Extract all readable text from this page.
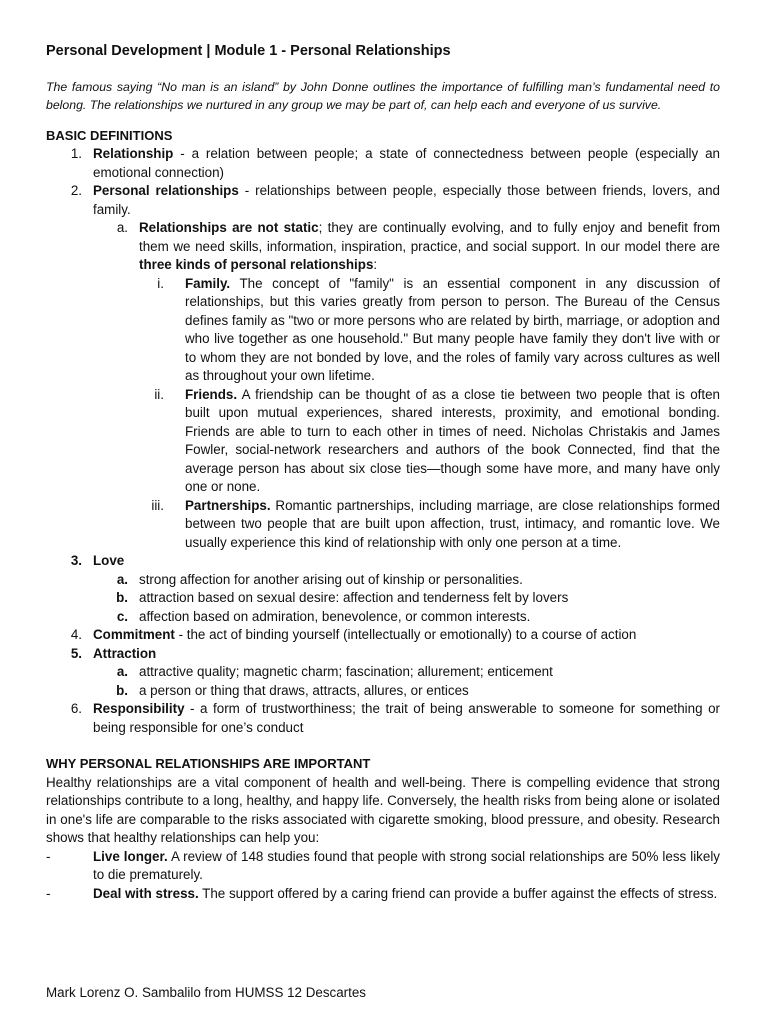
Personal Development | Module 1 - Personal Relationships
The famous saying “No man is an island” by John Donne outlines the importance of fulfilling man’s fundamental need to belong. The relationships we nurtured in any group we may be part of, can help each and everyone of us survive.
BASIC DEFINITIONS
1. Relationship - a relation between people; a state of connectedness between people (especially an emotional connection)
2. Personal relationships - relationships between people, especially those between friends, lovers, and family.
a. Relationships are not static; they are continually evolving, and to fully enjoy and benefit from them we need skills, information, inspiration, practice, and social support. In our model there are three kinds of personal relationships:
i.	Family. The concept of "family" is an essential component in any discussion of relationships, but this varies greatly from person to person. The Bureau of the Census defines family as "two or more persons who are related by birth, marriage, or adoption and who live together as one household." But many people have family they don't live with or to whom they are not bonded by love, and the roles of family vary across cultures as well as throughout your own lifetime.
ii.	Friends. A friendship can be thought of as a close tie between two people that is often built upon mutual experiences, shared interests, proximity, and emotional bonding. Friends are able to turn to each other in times of need. Nicholas Christakis and James Fowler, social-network researchers and authors of the book Connected, find that the average person has about six close ties—though some have more, and many have only one or none.
iii.	Partnerships. Romantic partnerships, including marriage, are close relationships formed between two people that are built upon affection, trust, intimacy, and romantic love. We usually experience this kind of relationship with only one person at a time.
3. Love
a. strong affection for another arising out of kinship or personalities.
b. attraction based on sexual desire: affection and tenderness felt by lovers
c. affection based on admiration, benevolence, or common interests.
4. Commitment - the act of binding yourself (intellectually or emotionally) to a course of action
5. Attraction
a. attractive quality; magnetic charm; fascination; allurement; enticement
b. a person or thing that draws, attracts, allures, or entices
6. Responsibility - a form of trustworthiness; the trait of being answerable to someone for something or being responsible for one’s conduct
WHY PERSONAL RELATIONSHIPS ARE IMPORTANT
Healthy relationships are a vital component of health and well-being. There is compelling evidence that strong relationships contribute to a long, healthy, and happy life. Conversely, the health risks from being alone or isolated in one's life are comparable to the risks associated with cigarette smoking, blood pressure, and obesity. Research shows that healthy relationships can help you:
-	Live longer. A review of 148 studies found that people with strong social relationships are 50% less likely to die prematurely.
-	Deal with stress. The support offered by a caring friend can provide a buffer against the effects of stress.
Mark Lorenz O. Sambalilo from HUMSS 12 Descartes
